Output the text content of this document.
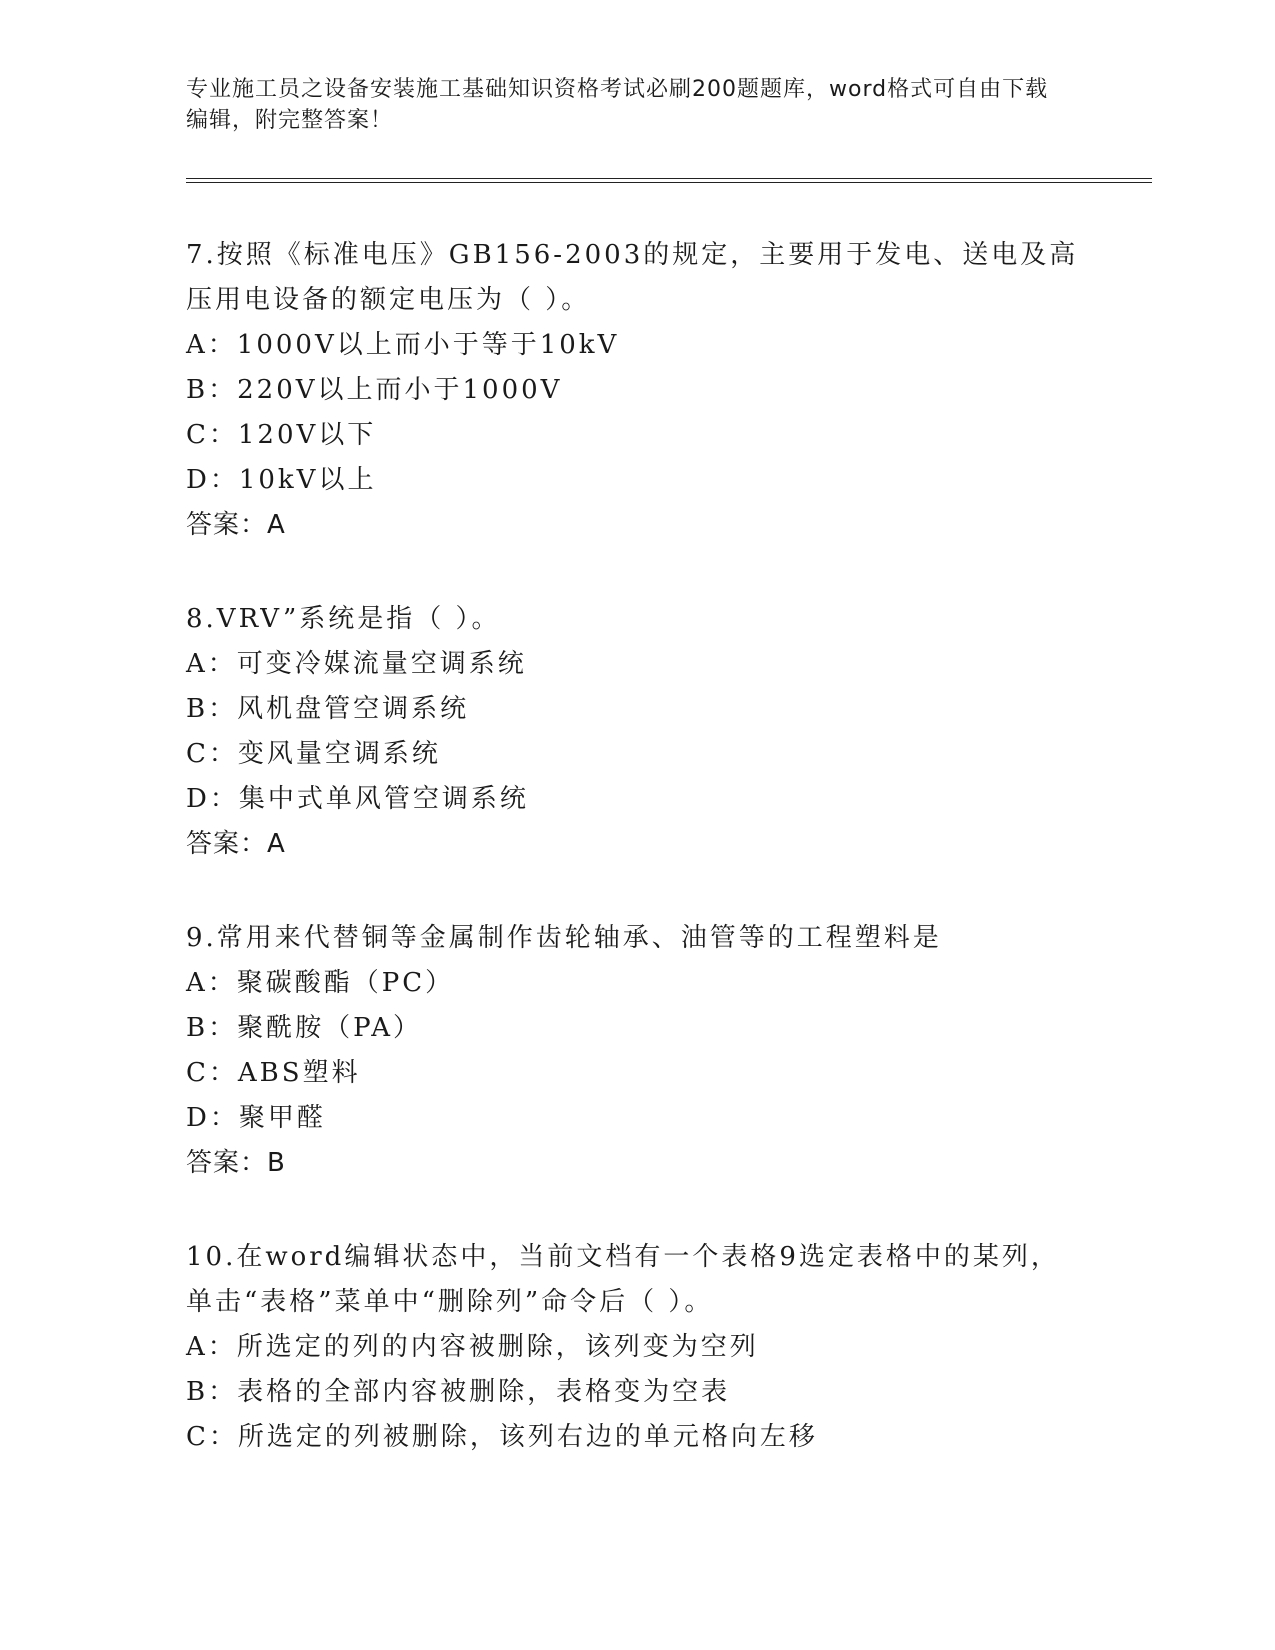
专业施工员之设备安装施工基础知识资格考试必刷200题题库，word格式可自由下载编辑，附完整答案！

7.按照《标准电压》GB156-2003的规定，主要用于发电、送电及高压用电设备的额定电压为（ ）。

A：1000V以上而小于等于10kV

B：220V以上而小于1000V

C：120V以下

D：10kV以上

答案：A

8.VRV”系统是指（ ）。

A：可变冷媒流量空调系统

B：风机盘管空调系统

C：变风量空调系统

D：集中式单风管空调系统

答案：A

9.常用来代替铜等金属制作齿轮轴承、油管等的工程塑料是

A：聚碳酸酯（PC）

B：聚酰胺（PA）

C：ABS塑料

D：聚甲醛

答案：B

10.在word编辑状态中，当前文档有一个表格9选定表格中的某列，单击“表格”菜单中“删除列”命令后（ ）。

A：所选定的列的内容被删除，该列变为空列

B：表格的全部内容被删除，表格变为空表

C：所选定的列被删除，该列右边的单元格向左移
